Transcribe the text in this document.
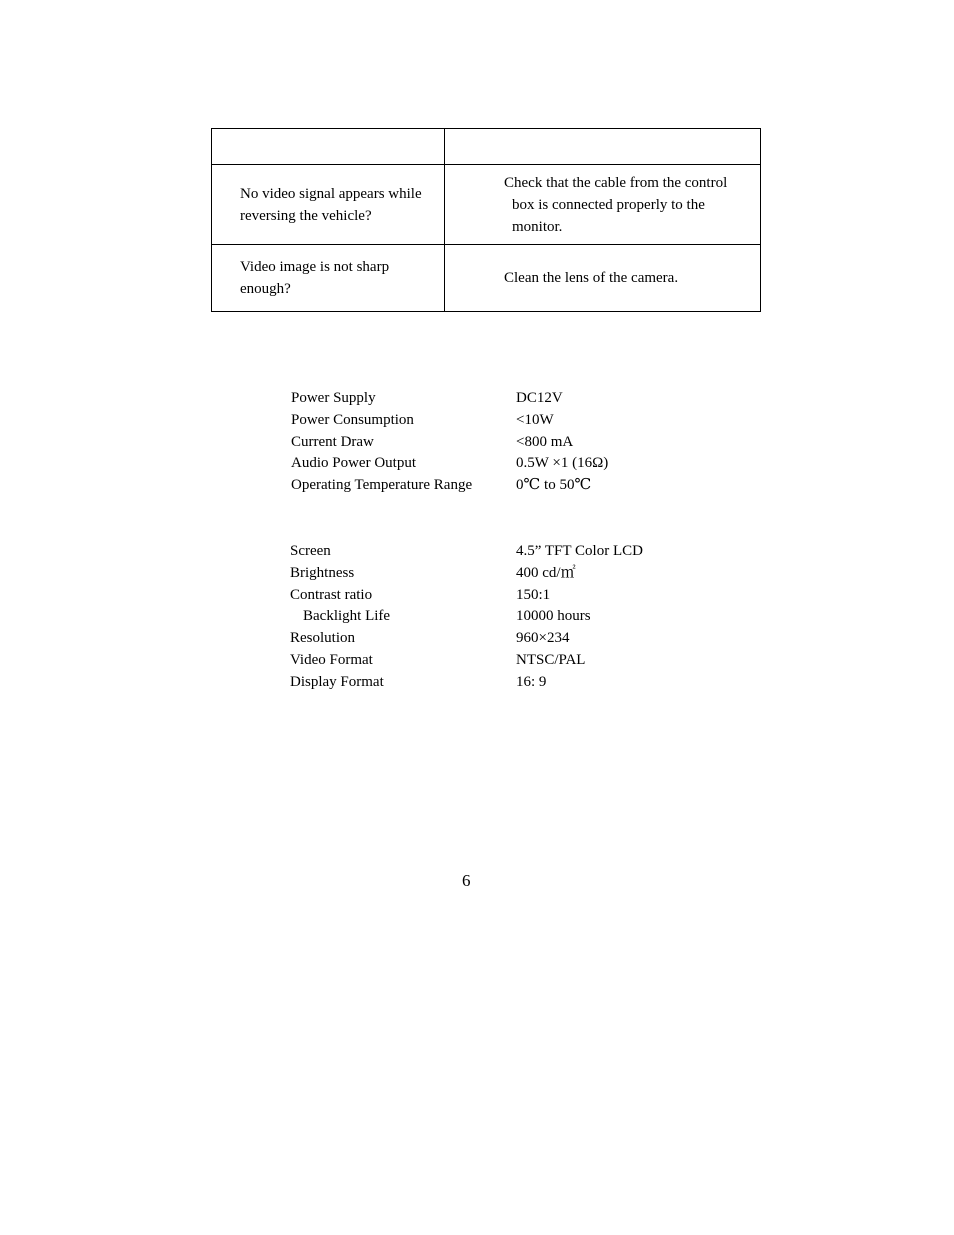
No video signal appears while reversing the vehicle?	Check that the cable from the control box is connected properly to the monitor.

Video image is not sharp enough?	Clean the lens of the camera.
Power Supply	DC12V
Power Consumption	<10W
Current Draw	<800 mA
Audio Power Output	0.5W ×1 (16Ω)
Operating Temperature Range	0℃ to 50℃
Screen	4.5” TFT Color LCD
Brightness	400 cd/㎡
Contrast ratio	150:1
Backlight Life	10000 hours
Resolution	960×234
Video Format	NTSC/PAL
Display Format	16: 9
6
